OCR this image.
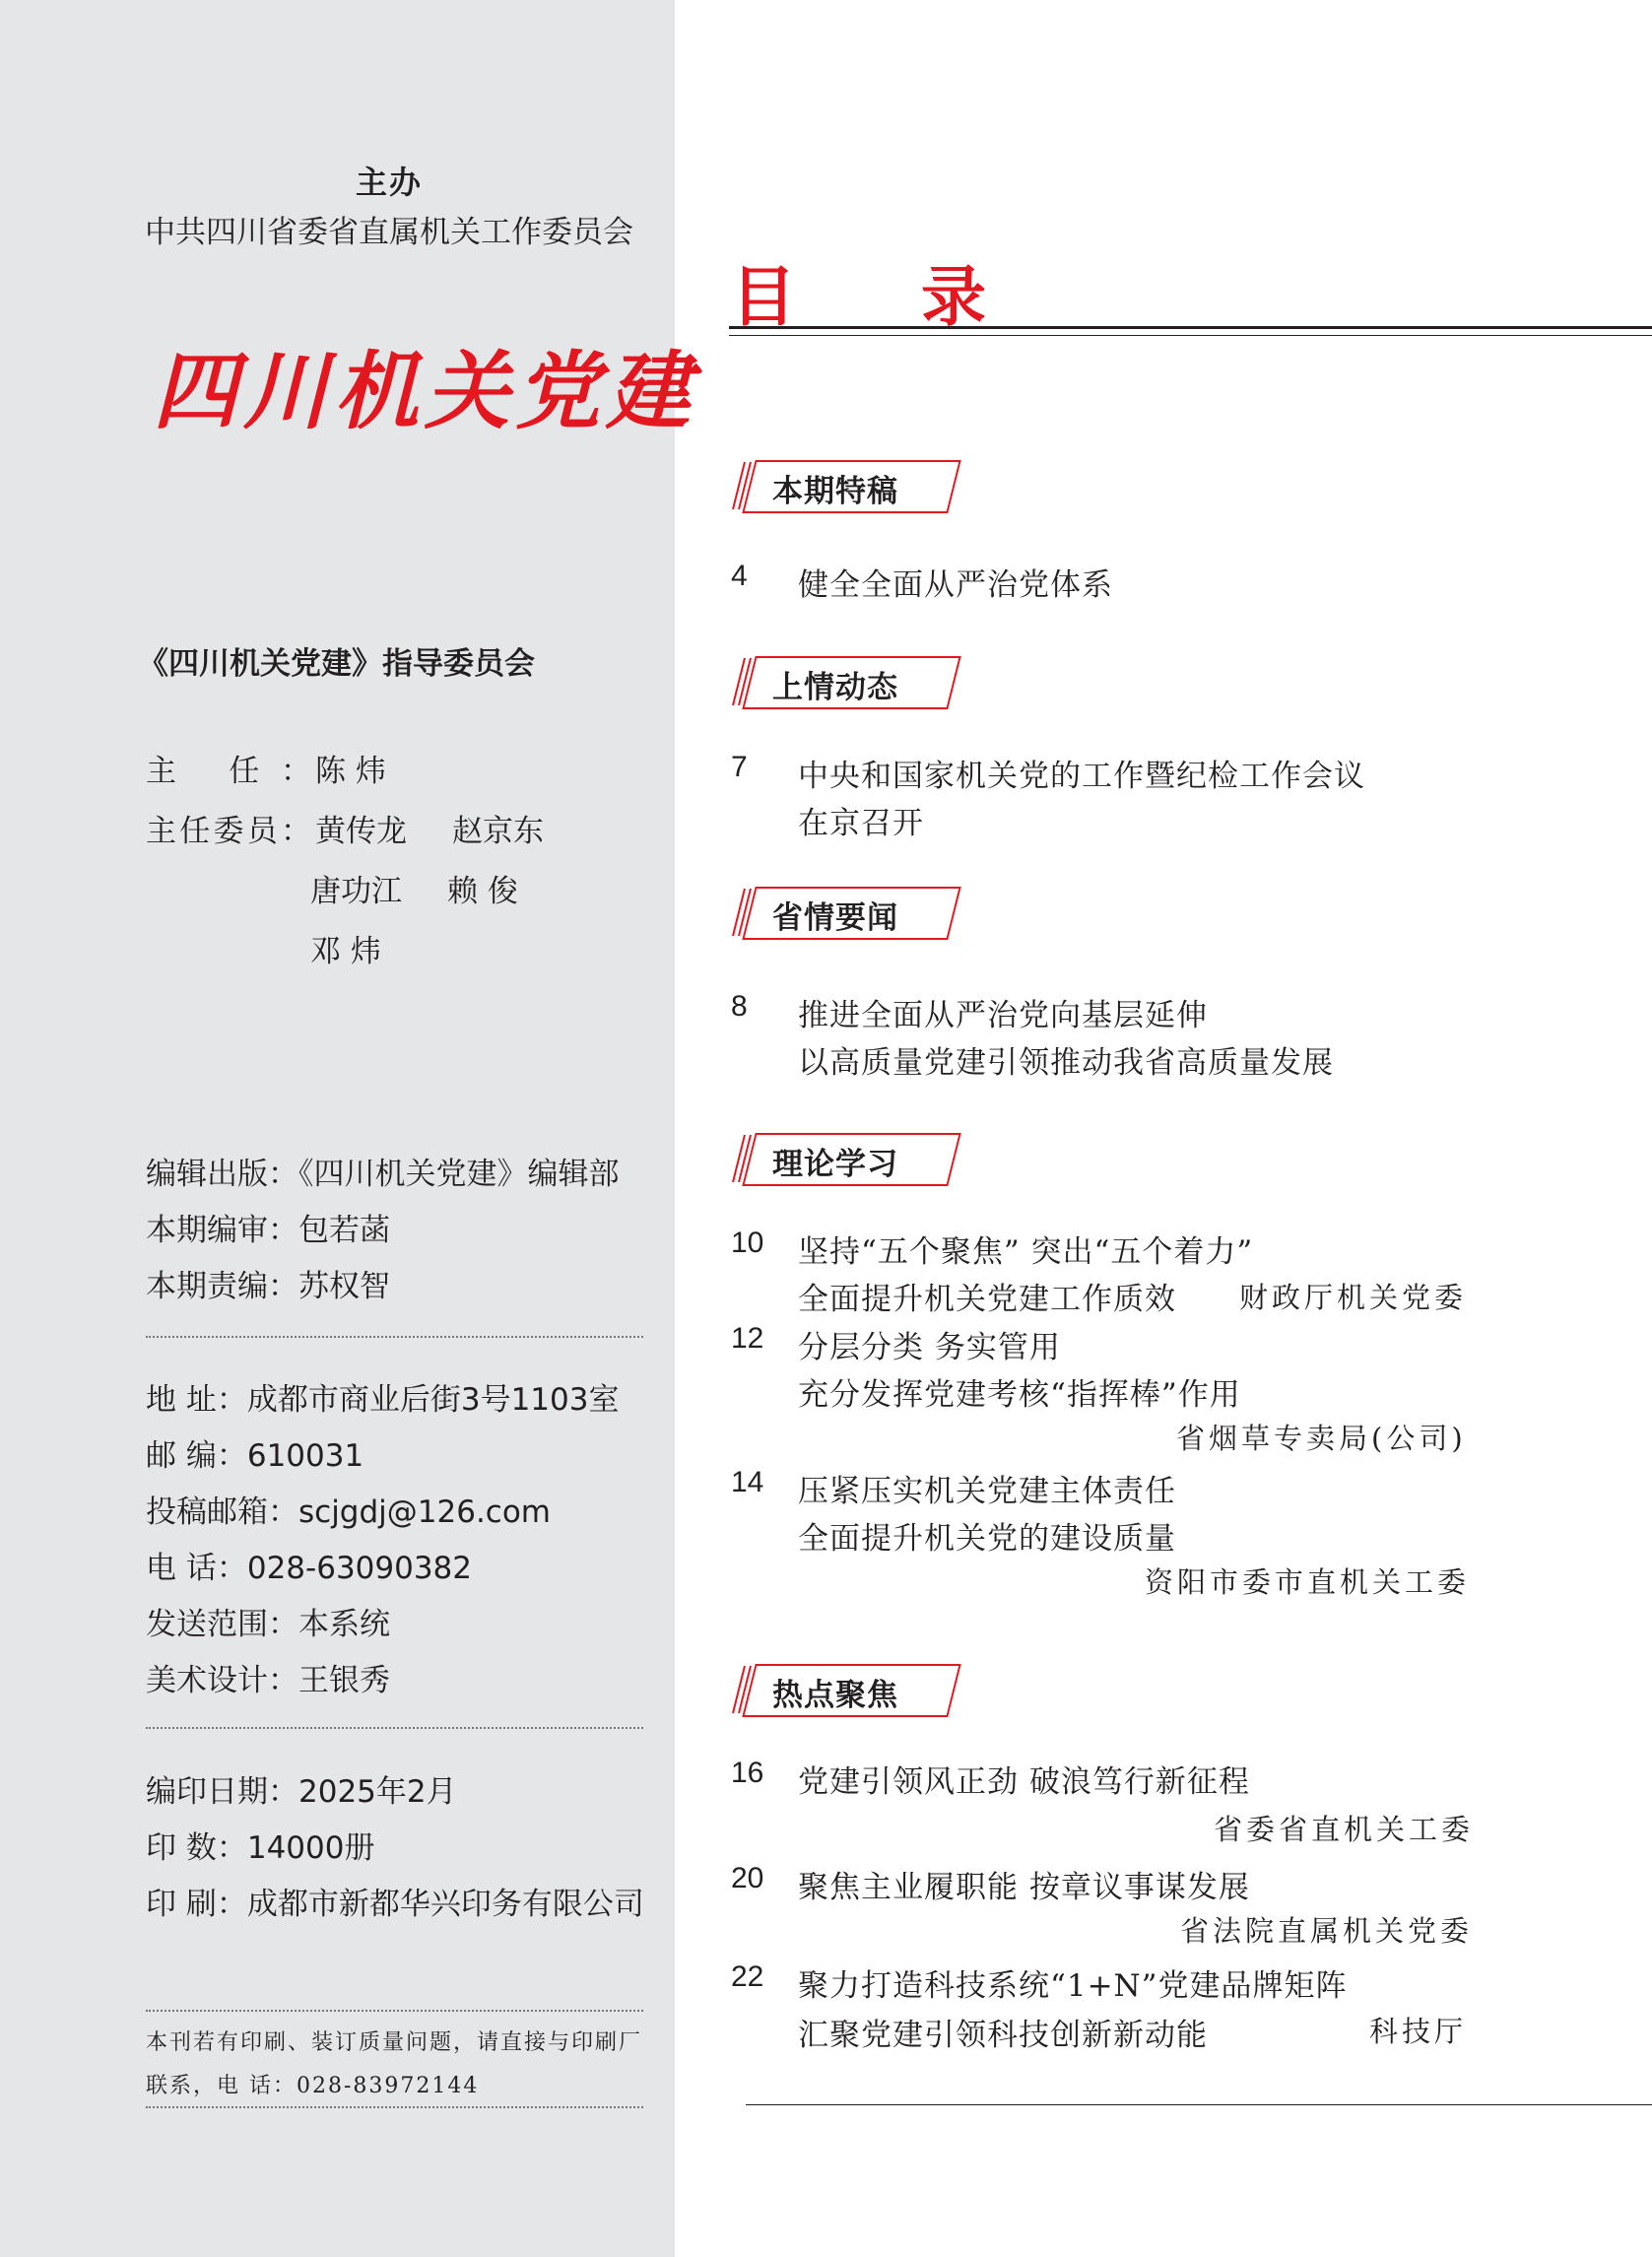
主办
中共四川省委省直属机关工作委员会
四川机关党建
《四川机关党建》指导委员会
主 任： 陈 炜
主任委员： 黄传龙 赵京东
唐功江 赖 俊
邓 炜
编辑出版：《四川机关党建》编辑部
本期编审：包若菡
本期责编：苏权智
地 址：成都市商业后街3号1103室
邮 编：610031
投稿邮箱：scjgdj@126.com
电 话：028-63090382
发送范围：本系统
美术设计：王银秀
编印日期：2025年2月
印 数：14000册
印 刷：成都市新都华兴印务有限公司
本刊若有印刷、装订质量问题，请直接与印刷厂联系，电 话：028-83972144
目 录
本期特稿
上情动态
省情要闻
理论学习
热点聚焦
4 健全全面从严治党体系
7 中央和国家机关党的工作暨纪检工作会议
在京召开
8 推进全面从严治党向基层延伸
以高质量党建引领推动我省高质量发展
10 坚持“五个聚焦” 突出“五个着力”
全面提升机关党建工作质效 财政厅机关党委
12 分层分类 务实管用
充分发挥党建考核“指挥棒”作用
省烟草专卖局(公司)
14 压紧压实机关党建主体责任
全面提升机关党的建设质量
资阳市委市直机关工委
16 党建引领风正劲 破浪笃行新征程
省委省直机关工委
20 聚焦主业履职能 按章议事谋发展
省法院直属机关党委
22 聚力打造科技系统“1+N”党建品牌矩阵
汇聚党建引领科技创新新动能	科技厅
